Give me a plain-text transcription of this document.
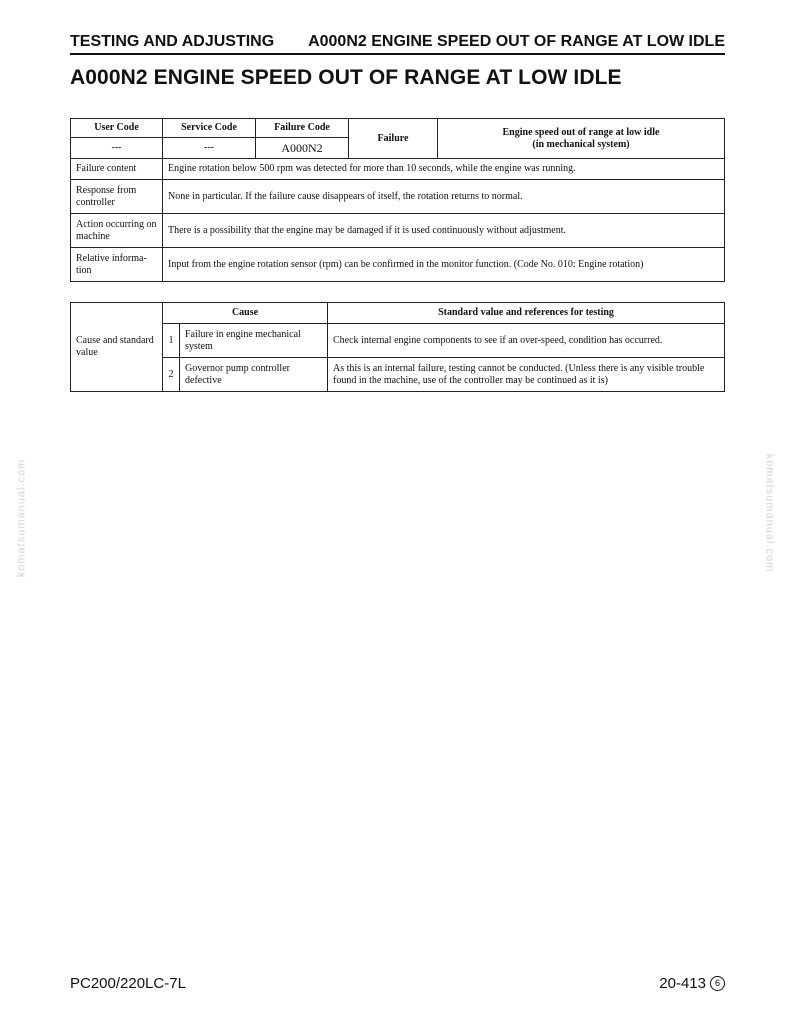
TESTING AND ADJUSTING A000N2 ENGINE SPEED OUT OF RANGE AT LOW IDLE
A000N2 ENGINE SPEED OUT OF RANGE AT LOW IDLE
User Code	Service Code	Failure Code	Failure	Engine speed out of range at low idle
(in mechanical system)
---	---	A000N2		
Failure content	Engine rotation below 500 rpm was detected for more than 10 seconds, while the engine was running.			
Response from controller	None in particular. If the failure cause disappears of itself, the rotation returns to normal.			
Action occurring on machine	There is a possibility that the engine may be damaged if it is used continuously without adjustment.			
Relative informa-tion	Input from the engine rotation sensor (rpm) can be confirmed in the monitor function. (Code No. 010: Engine rotation)			
Cause and standard value	Cause		Standard value and references for testing
	1	Failure in engine mechanical system	Check internal engine components to see if an over-speed, condition has occurred.
	2	Governor pump controller defective	As this is an internal failure, testing cannot be conducted. (Unless there is any visible trouble found in the machine, use of the controller may be continued as it is)
komatsumanual.com	komatsumanual.com
PC200/220LC-7L	20-413 6
